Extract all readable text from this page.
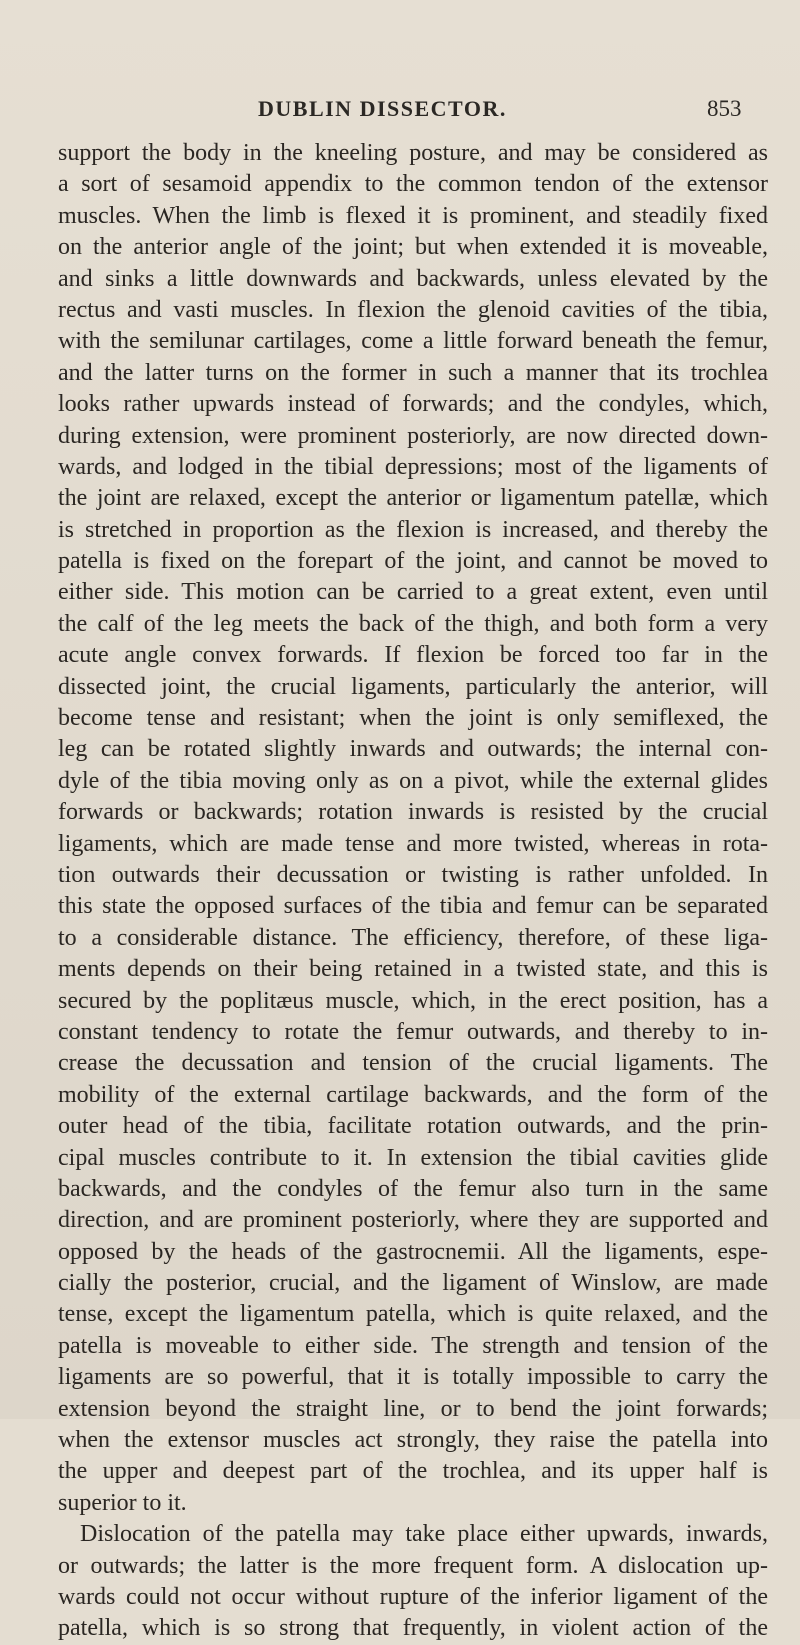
DUBLIN DISSECTOR.	853
support the body in the kneeling posture, and may be considered as
a sort of sesamoid appendix to the common tendon of the extensor
muscles. When the limb is flexed it is prominent, and steadily fixed
on the anterior angle of the joint; but when extended it is moveable,
and sinks a little downwards and backwards, unless elevated by the
rectus and vasti muscles. In flexion the glenoid cavities of the tibia,
with the semilunar cartilages, come a little forward beneath the femur,
and the latter turns on the former in such a manner that its trochlea
looks rather upwards instead of forwards; and the condyles, which,
during extension, were prominent posteriorly, are now directed down-
wards, and lodged in the tibial depressions; most of the ligaments of
the joint are relaxed, except the anterior or ligamentum patellæ, which
is stretched in proportion as the flexion is increased, and thereby the
patella is fixed on the forepart of the joint, and cannot be moved to
either side. This motion can be carried to a great extent, even until
the calf of the leg meets the back of the thigh, and both form a very
acute angle convex forwards. If flexion be forced too far in the
dissected joint, the crucial ligaments, particularly the anterior, will
become tense and resistant; when the joint is only semiflexed, the
leg can be rotated slightly inwards and outwards; the internal con-
dyle of the tibia moving only as on a pivot, while the external glides
forwards or backwards; rotation inwards is resisted by the crucial
ligaments, which are made tense and more twisted, whereas in rota-
tion outwards their decussation or twisting is rather unfolded. In
this state the opposed surfaces of the tibia and femur can be separated
to a considerable distance. The efficiency, therefore, of these liga-
ments depends on their being retained in a twisted state, and this is
secured by the poplitæus muscle, which, in the erect position, has a
constant tendency to rotate the femur outwards, and thereby to in-
crease the decussation and tension of the crucial ligaments. The
mobility of the external cartilage backwards, and the form of the
outer head of the tibia, facilitate rotation outwards, and the prin-
cipal muscles contribute to it. In extension the tibial cavities glide
backwards, and the condyles of the femur also turn in the same
direction, and are prominent posteriorly, where they are supported and
opposed by the heads of the gastrocnemii. All the ligaments, espe-
cially the posterior, crucial, and the ligament of Winslow, are made
tense, except the ligamentum patella, which is quite relaxed, and the
patella is moveable to either side. The strength and tension of the
ligaments are so powerful, that it is totally impossible to carry the
extension beyond the straight line, or to bend the joint forwards;
when the extensor muscles act strongly, they raise the patella into
the upper and deepest part of the trochlea, and its upper half is
superior to it.
Dislocation of the patella may take place either upwards, inwards,
or outwards; the latter is the more frequent form. A dislocation up-
wards could not occur without rupture of the inferior ligament of the
patella, which is so strong that frequently, in violent action of the
